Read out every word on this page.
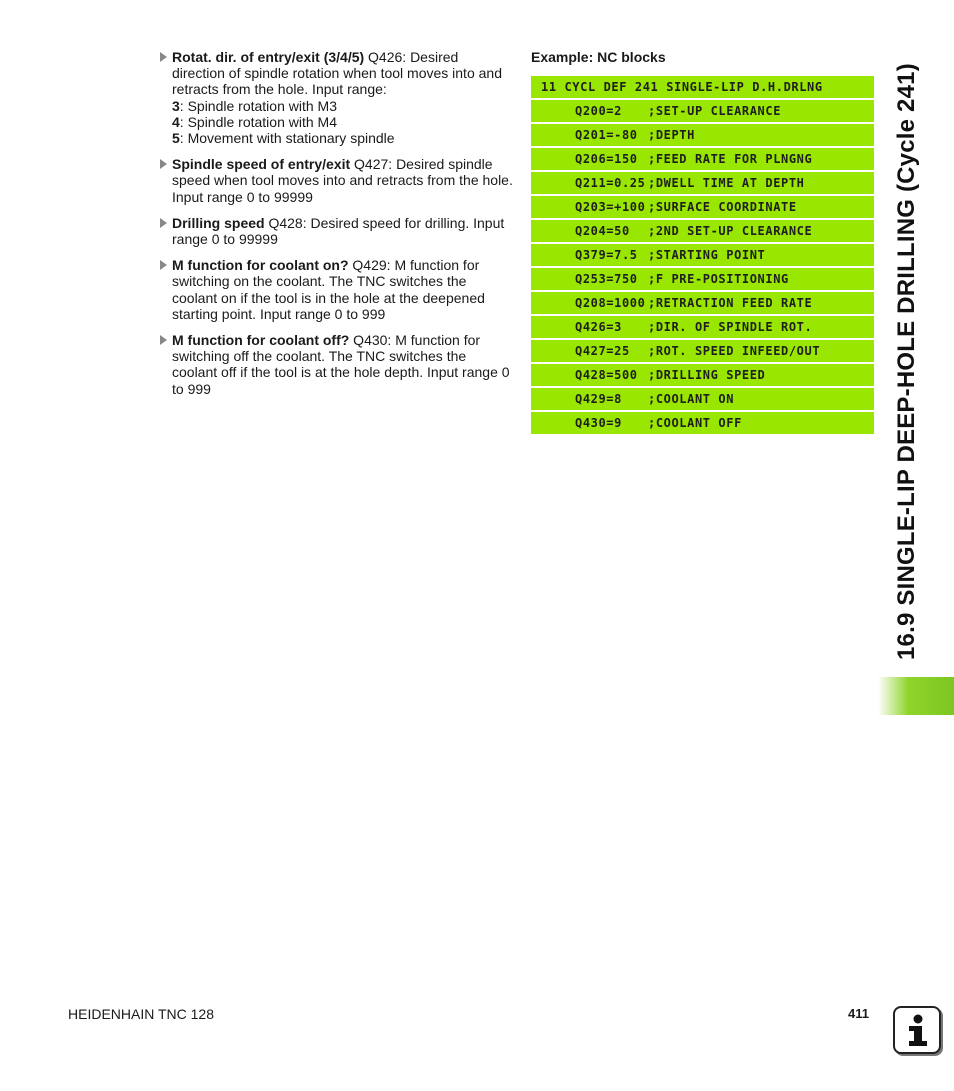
Rotat. dir. of entry/exit (3/4/5) Q426: Desired direction of spindle rotation when tool moves into and retracts from the hole. Input range:
3: Spindle rotation with M3
4: Spindle rotation with M4
5: Movement with stationary spindle
Spindle speed of entry/exit Q427: Desired spindle speed when tool moves into and retracts from the hole. Input range 0 to 99999
Drilling speed Q428: Desired speed for drilling. Input range 0 to 99999
M function for coolant on? Q429: M function for switching on the coolant. The TNC switches the coolant on if the tool is in the hole at the deepened starting point. Input range 0 to 999
M function for coolant off? Q430: M function for switching off the coolant. The TNC switches the coolant off if the tool is at the hole depth. Input range 0 to 999
Example: NC blocks
11 CYCL DEF 241 SINGLE-LIP D.H.DRLNG
Q200=2 ;SET-UP CLEARANCE
Q201=-80 ;DEPTH
Q206=150 ;FEED RATE FOR PLNGNG
Q211=0.25 ;DWELL TIME AT DEPTH
Q203=+100 ;SURFACE COORDINATE
Q204=50 ;2ND SET-UP CLEARANCE
Q379=7.5 ;STARTING POINT
Q253=750 ;F PRE-POSITIONING
Q208=1000 ;RETRACTION FEED RATE
Q426=3 ;DIR. OF SPINDLE ROT.
Q427=25 ;ROT. SPEED INFEED/OUT
Q428=500 ;DRILLING SPEED
Q429=8 ;COOLANT ON
Q430=9 ;COOLANT OFF	16.9 SINGLE-LIP DEEP-HOLE DRILLING (Cycle 241)
HEIDENHAIN TNC 128	411
